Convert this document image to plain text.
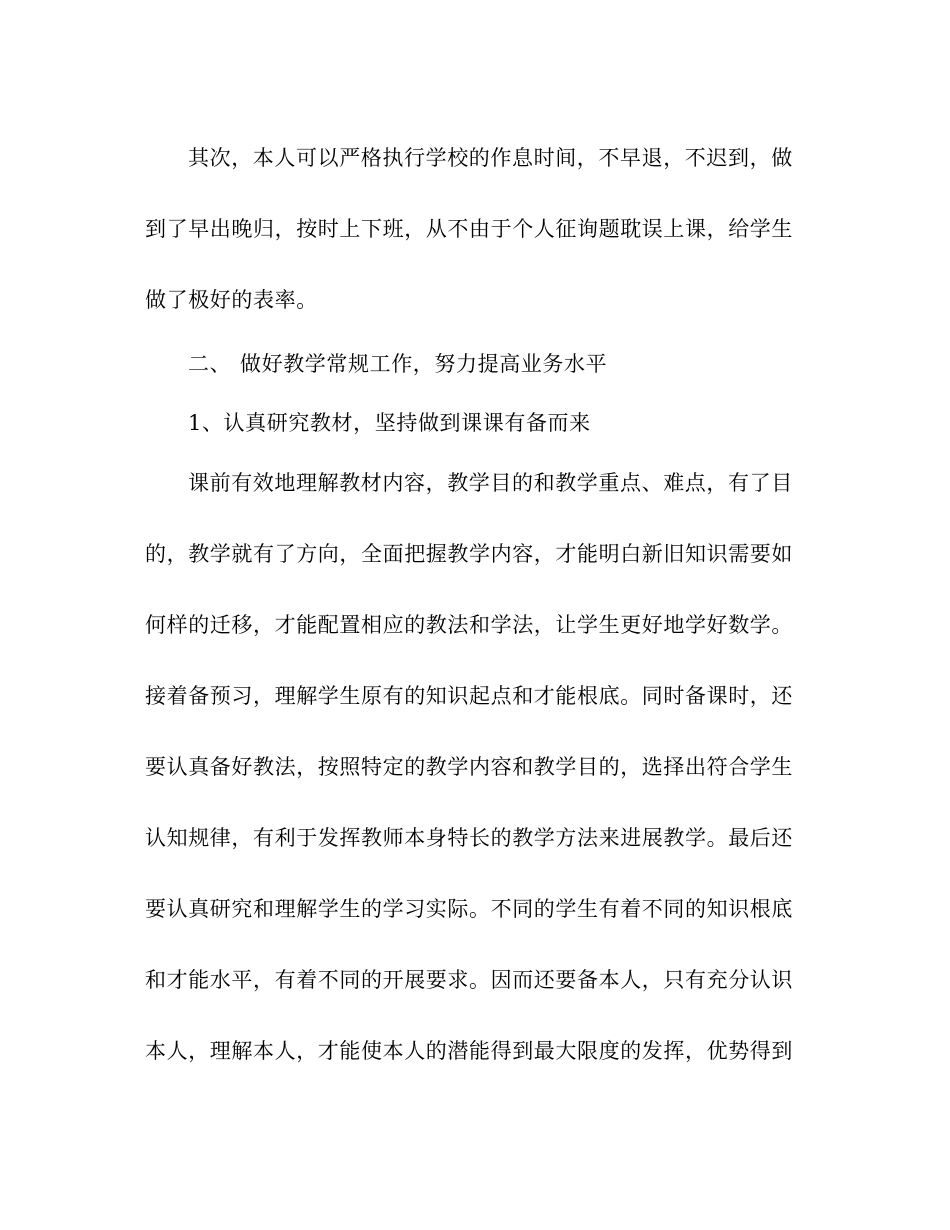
其次，本人可以严格执行学校的作息时间，不早退，不迟到，做
到了早出晚归，按时上下班，从不由于个人征询题耽误上课，给学生
做了极好的表率。
二、 做好教学常规工作，努力提高业务水平
1、认真研究教材，坚持做到课课有备而来
课前有效地理解教材内容，教学目的和教学重点、难点，有了目
的，教学就有了方向，全面把握教学内容，才能明白新旧知识需要如
何样的迁移，才能配置相应的教法和学法，让学生更好地学好数学。
接着备预习，理解学生原有的知识起点和才能根底。同时备课时，还
要认真备好教法，按照特定的教学内容和教学目的，选择出符合学生
认知规律，有利于发挥教师本身特长的教学方法来进展教学。最后还
要认真研究和理解学生的学习实际。不同的学生有着不同的知识根底
和才能水平，有着不同的开展要求。因而还要备本人，只有充分认识
本人，理解本人，才能使本人的潜能得到最大限度的发挥，优势得到
